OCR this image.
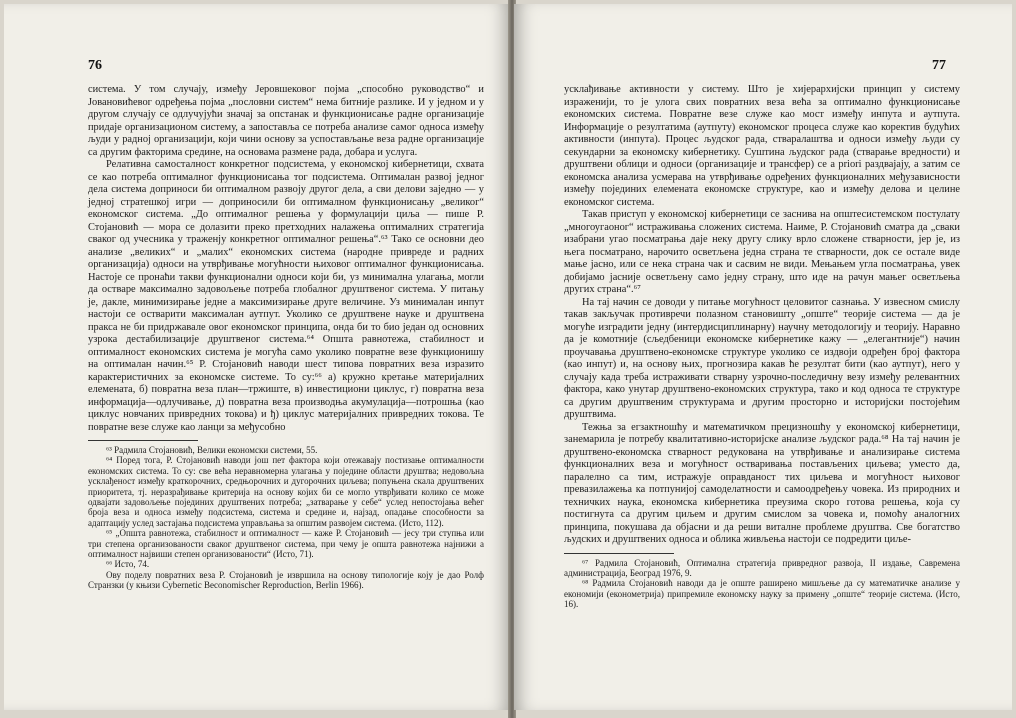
76

систeма. У том случају, између Јеровшековог појма „способно руководство“ и Јовановићевог одређења појма „пословни систем“ нема битније разлике. И у једном и у другом случају се одлучујући значај за опстанак и функционисање радне организације придаје организационом систему, а запостављa се потреба анализе самог односа између људи у радној организацији, који чини основу за успостављање веза радне организације са другим факторима средине, на основама размене рада, добара и услуга.

Релативна самосталност конкретног подсистема, у економској кибернетици, схвата се као потреба оптималног функционисања тог подсистема. Оптималан развој једног дела система доприноси би оптималном развоју другог дела, а сви делови заједно — у једној стратешкој игри — доприносили би оптималном функционисању „великог“ економског система. „До оптималног решења у формулацији циља — пише Р. Стојановић — мора се долазити преко претходних налажења оптималних стратегија сваког од учесника у траженју конкретног оптималног решења“.⁶³ Тако се основни део анализе „великих“ и „малих“ економских система (народне привреде и радних организација) односи на утврђивање могућности њиховог оптималног функционисања. Настоје се пронаћи такви функционални односи који би, уз минимална улагања, могли да остваре максимално задовољење потреба глобалног друштвеног система. У питању је, дакле, минимизирање једне а максимизирање друге величине. Уз минималан инпут настоји се остварити максималан аутпут. Уколико се друштвене науке и друштвена пракса не би придржавале овог економског принципа, онда би то био један од основних узрока дестабилизације друштвеног система.⁶⁴ Општа равнотежа, стабилност и оптималност економских система је могућа само уколико повратне везе функционишу на оптималан начин.⁶⁵ Р. Стојановић наводи шест типова повратних веза изразито карактеристичних за економске системе. То су:⁶⁶ а) кружно кретање материјалних елемената, б) повратна веза план—тржиште, в) инвестициони циклус, г) повратна веза информација—одлучивање, д) повратна веза производња акумулација—потрошња (као циклус новчаних привредних токова) и ђ) циклус материјалних привредних токова. Те повратне везе служе као ланци за међусобно

⁶³ Радмила Стојановић, Велики економски системи, 55.

⁶⁴ Поред тога, Р. Стојановић наводи још пет фактора који отежавају постизање оптималности економских система. То су: све већа неравномерна улагања у поједине области друштва; недовољна усклађеност између краткорочних, средњорочних и дугорочних циљева; попуњена скала друштвених приоритета, тј. неразрађивање критерија на основу којих би се могло утврђивати колико се може одвајати задовољење појединих друштвених потреба; „затварање у себе“ услед непостојања већег броја веза и односа између подсистема, система и средине и, најзад, опадање способности за адаптацију услед застајања подсистема управљања за општим развојем система. (Исто, 112).

⁶⁵ „Општа равнотежа, стабилност и оптималност — каже Р. Стојановић — јесу три ступња или три степена организованости сваког друштвеног система, при чему је општа равнотежа најнижи а оптималност највиши степен организованости“ (Исто, 71).

⁶⁶ Исто, 74.

Ову поделу повратних веза Р. Стојановић је извршила на основу типологије коју је дао Ролф Странзки (у књизи Cybernetic Beconomischer Reproduction, Berlin 1966).

77

усклађивање активности у систему. Што је хијерархијски принцип у систему израженији, то је улога свих повратних веза већа за оптимално функционисање економских система. Повратне везе служе као мост између инпута и аутпута. Информације о резултатима (аутпуту) економског процеса служе као коректив будућих активности (инпута). Процес људског рада, стваралаштва и односи између људи су секундарни за економску кибернетику. Суштина људског рада (стварање вредности) и друштвени облици и односи (организације и трансфер) се а priori раздвајају, а затим се економска анализа усмерава на утврђивање одређених функционалних међузависности између појединих елемената економске структуре, као и између делова и целине економског система.

Такав приступ у економској кибернетици се заснива на општесистемском постулату „многоугаоног“ истраживања сложених система. Наиме, Р. Стојановић сматра да „сваки изабрани угао посматрања даје неку другу слику врло сложене стварности, јер је, из њега посматрано, нарочито осветљена једна страна те стварности, док се остале виде мање јасно, или се нека страна чак и сасвим не види. Мењањем угла посматрања, увек добијамо јасније осветљену само једну страну, што иде на рачун мањег осветљења других страна“.⁶⁷

На тај начин се доводи у питање могућност целовитог сазнања. У извесном смислу такав закључак противречи полазном становишту „опште“ теорије система — да је могуће изградити једну (интердисциплинарну) научну методологију и теорију. Наравно да је комотније (сљедбеници економске кибернетике кажу — „елегантније“) начин проучавања друштвено-економске структуре уколико се издвоји одређен број фактора (као инпут) и, на основу њих, прогнозира какав ће резултат бити (као аутпут), него у случају када треба истраживати стварну узрочно-последичну везу између релевантних фактора, како унутар друштвено-економских структура, тако и код односа те структуре са другим друштвеним структурама и другим просторно и историјски постојећим друштвима.

Тежња за егзактношћу и математичком прецизношћу у економској кибернетици, занемарила је потребу квалитативно-историјске анализе људског рада.⁶⁸ На тај начин је друштвено-економска стварност редукована на утврђивање и анализирање система функционалних веза и могућност остваривања постављених циљева; уместо да, паралелно са тим, истражује оправданост тих циљева и могућност њиховог превазилажења ка потпунијој самоделатности и самоодређењу човека. Из природних и техничких наука, економска кибернетика преузима скоро готова решења, која су постигнута са другим циљем и другим смислом за човека и, помоћу аналогних принципа, покушава да објасни и да реши виталне проблеме друштва. Све богатство људских и друштвених односа и облика живљења настоји се подредити циље-

⁶⁷ Радмила Стојановић, Оптимална стратегија привредног развоја, II издање, Савремена администрација, Београд 1976, 9.

⁶⁸ Радмила Стојановић наводи да је опште раширено мишљење да су математичке анализе у економији (економетрија) припремиле економску науку за примену „опште“ теорије система. (Исто, 16).
